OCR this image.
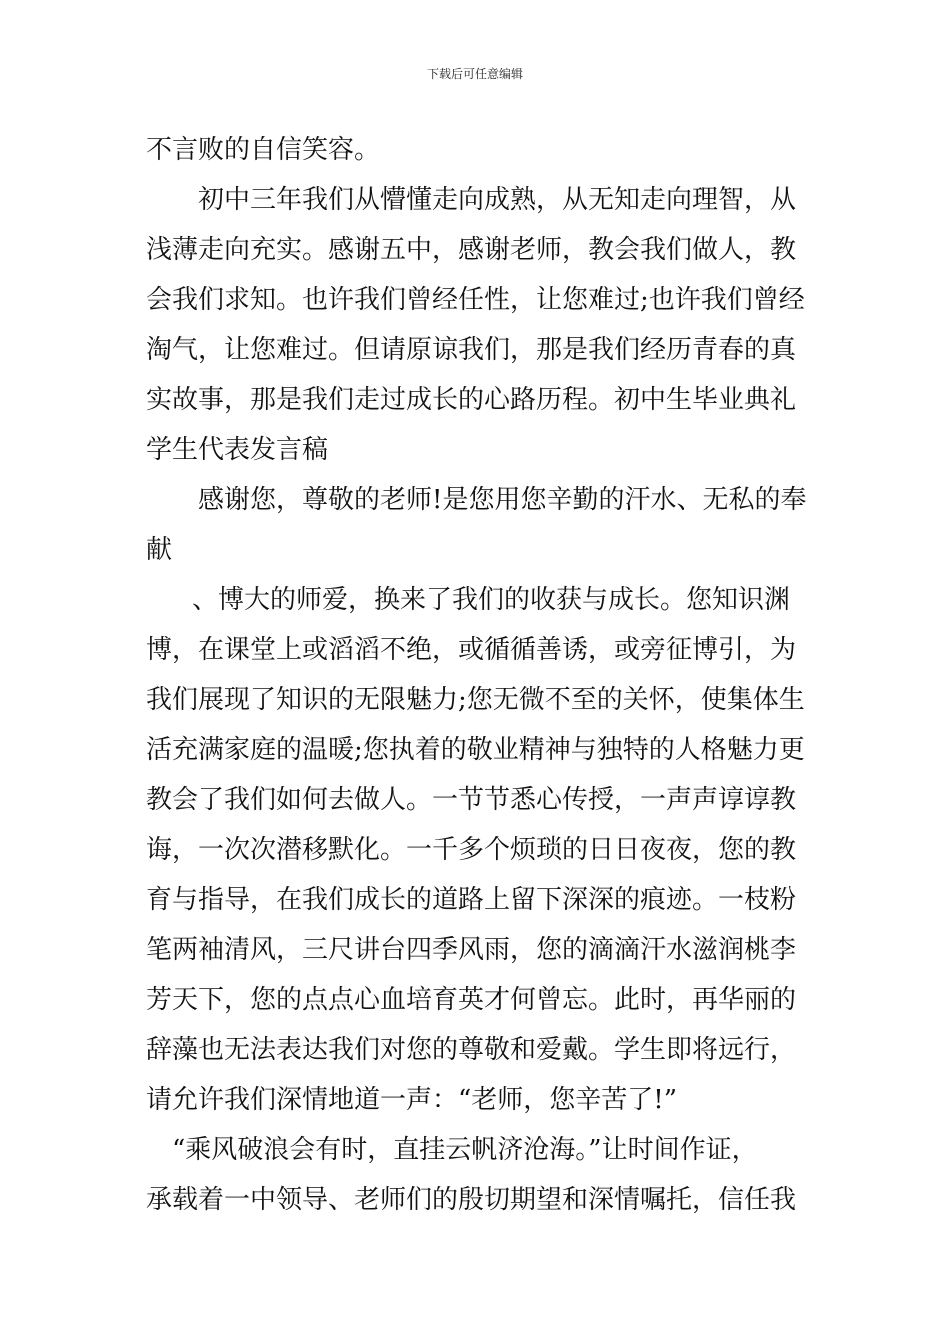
下载后可任意编辑
不言败的自信笑容。
初中三年我们从懵懂走向成熟，从无知走向理智，从
浅薄走向充实。感谢五中，感谢老师，教会我们做人，教
会我们求知。也许我们曾经任性，让您难过;也许我们曾经
淘气，让您难过。但请原谅我们，那是我们经历青春的真
实故事，那是我们走过成长的心路历程。初中生毕业典礼
学生代表发言稿
感谢您，尊敬的老师!是您用您辛勤的汗水、无私的奉
献
、博大的师爱，换来了我们的收获与成长。您知识渊
博，在课堂上或滔滔不绝，或循循善诱，或旁征博引，为
我们展现了知识的无限魅力;您无微不至的关怀，使集体生
活充满家庭的温暖;您执着的敬业精神与独特的人格魅力更
教会了我们如何去做人。一节节悉心传授，一声声谆谆教
诲，一次次潜移默化。一千多个烦琐的日日夜夜，您的教
育与指导，在我们成长的道路上留下深深的痕迹。一枝粉
笔两袖清风，三尺讲台四季风雨，您的滴滴汗水滋润桃李
芳天下，您的点点心血培育英才何曾忘。此时，再华丽的
辞藻也无法表达我们对您的尊敬和爱戴。学生即将远行，
请允许我们深情地道一声：“老师，您辛苦了!”
“乘风破浪会有时，直挂云帆济沧海。”让时间作证，
承载着一中领导、老师们的殷切期望和深情嘱托，信任我
